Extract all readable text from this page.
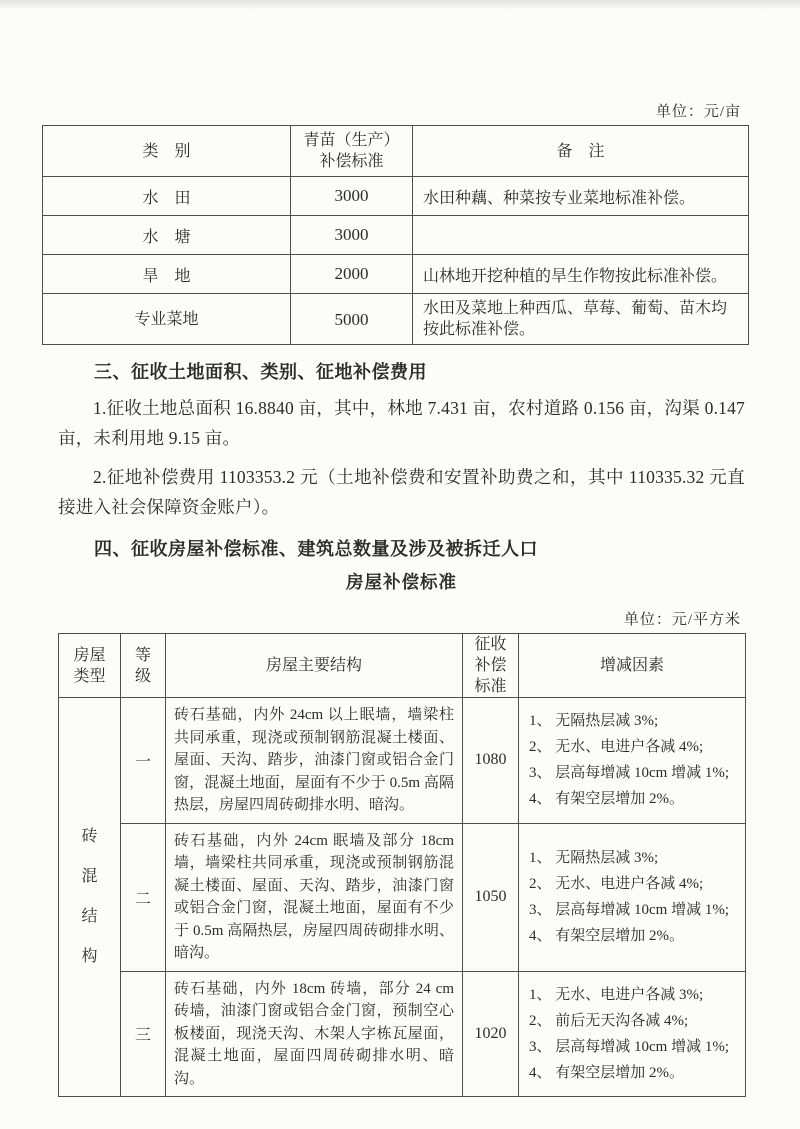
单位：元/亩
类　别	青苗（生产）补偿标准	备　注
水　田	3000	水田种藕、种菜按专业菜地标准补偿。
水　塘	3000	
旱　地	2000	山林地开挖种植的旱生作物按此标准补偿。
专业菜地	5000	水田及菜地上种西瓜、草莓、葡萄、苗木均按此标准补偿。
三、征收土地面积、类别、征地补偿费用
1.征收土地总面积 16.8840 亩，其中，林地 7.431 亩，农村道路 0.156 亩，沟渠 0.147 亩，未利用地 9.15 亩。
2.征地补偿费用 1103353.2 元（土地补偿费和安置补助费之和，其中 110335.32 元直接进入社会保障资金账户）。
四、征收房屋补偿标准、建筑总数量及涉及被拆迁人口
房屋补偿标准
单位：元/平方米
房屋类型	等级	房屋主要结构	征收补偿标准	增减因素

砖混结构	一	砖石基础，内外 24cm 以上眠墙，墙梁柱共同承重，现浇或预制钢筋混凝土楼面、屋面、天沟、踏步，油漆门窗或铝合金门窗，混凝土地面，屋面有不少于 0.5m 高隔热层，房屋四周砖砌排水明、暗沟。	1080	1、 无隔热层减 3%;
2、 无水、电进户各减 4%;
3、 层高每增减 10cm 增减 1%;
4、 有架空层增加 2%。

	二	砖石基础，内外 24cm 眠墙及部分 18cm 墙，墙梁柱共同承重，现浇或预制钢筋混凝土楼面、屋面、天沟、踏步，油漆门窗或铝合金门窗，混凝土地面，屋面有不少于 0.5m 高隔热层，房屋四周砖砌排水明、暗沟。	1050	1、 无隔热层减 3%;
2、 无水、电进户各减 4%;
3、 层高每增减 10cm 增减 1%;
4、 有架空层增加 2%。

	三	砖石基础，内外 18cm 砖墙，部分 24 cm 砖墙，油漆门窗或铝合金门窗，预制空心板楼面，现浇天沟、木架人字栋瓦屋面，混凝土地面，屋面四周砖砌排水明、暗沟。	1020	1、 无水、电进户各减 3%;
2、 前后无天沟各减 4%;
3、 层高每增减 10cm 增减 1%;
4、 有架空层增加 2%。
